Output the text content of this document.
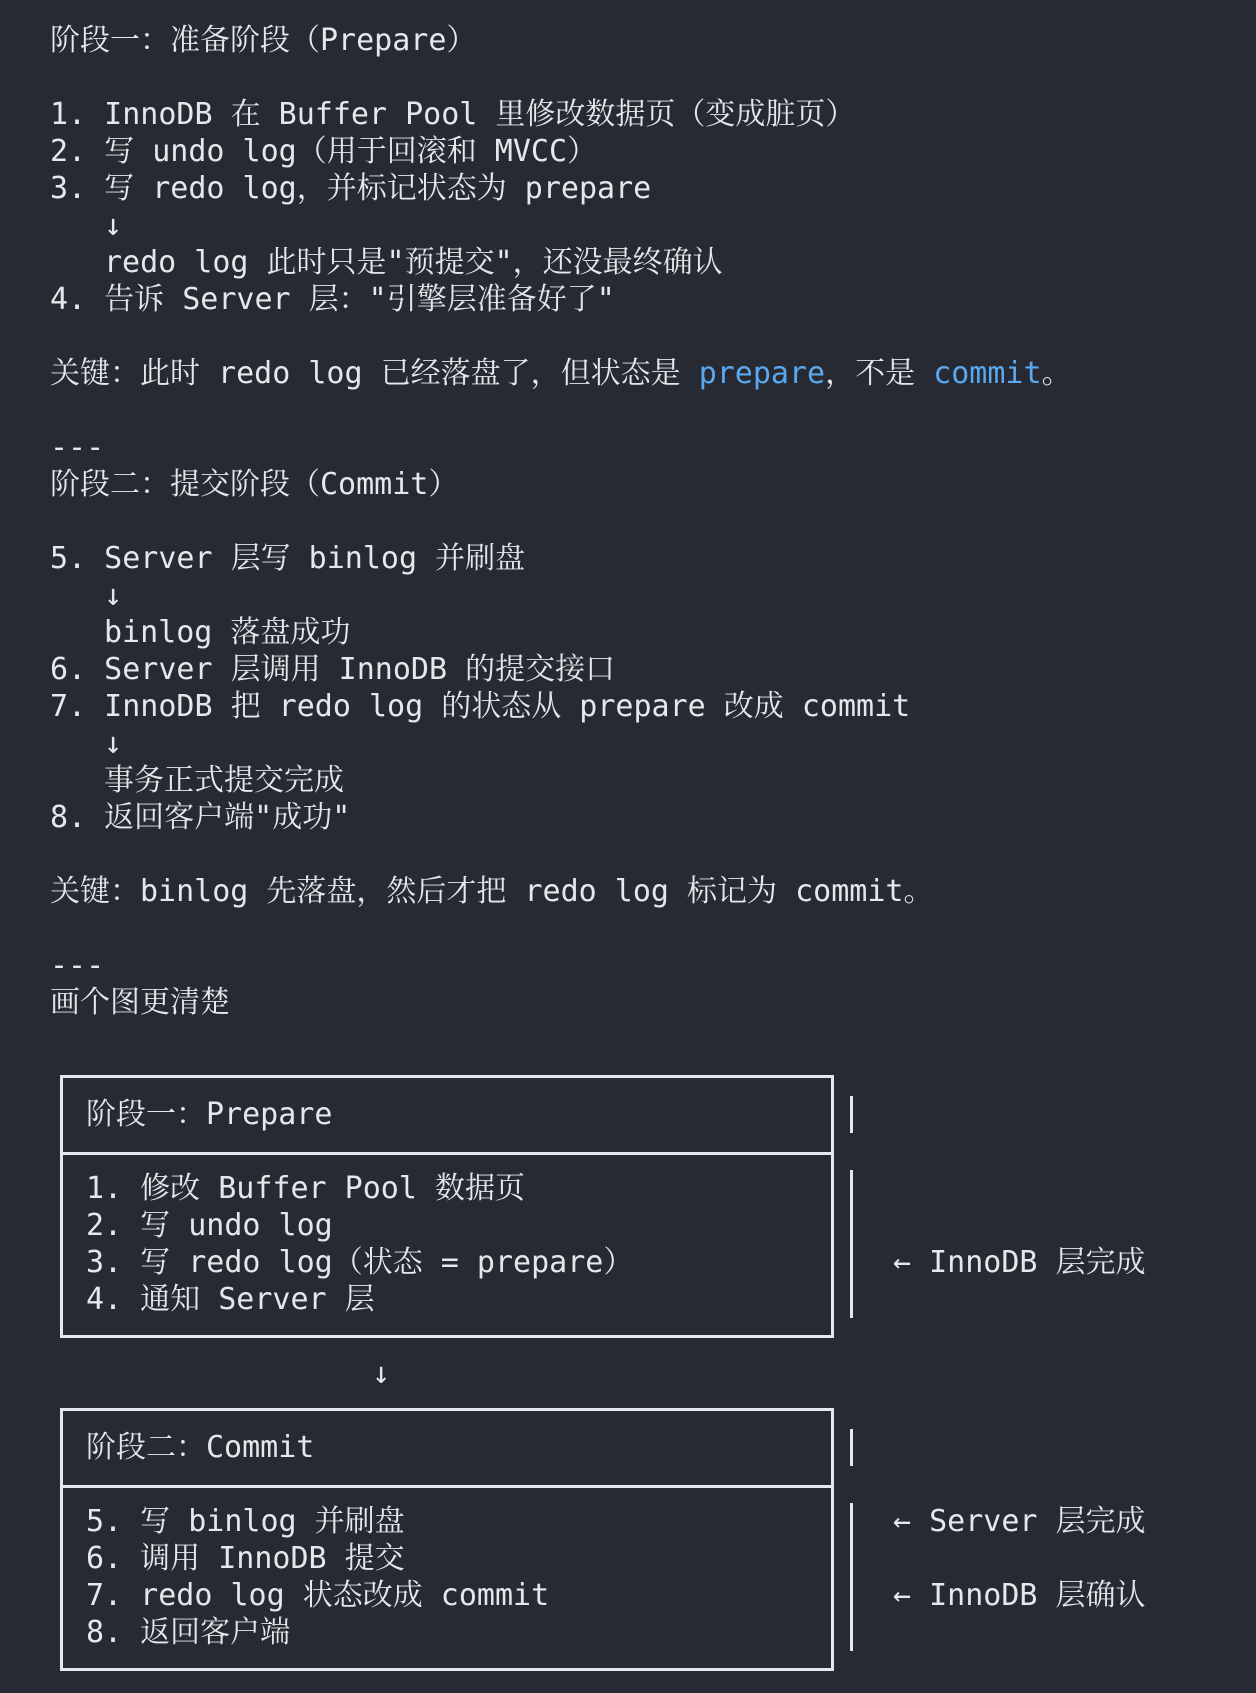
阶段一：准备阶段（Prepare）
1. InnoDB 在 Buffer Pool 里修改数据页（变成脏页）
2. 写 undo log（用于回滚和 MVCC）
3. 写 redo log，并标记状态为 prepare
↓
redo log 此时只是"预提交"，还没最终确认
4. 告诉 Server 层："引擎层准备好了"
关键：此时 redo log 已经落盘了，但状态是 prepare，不是 commit。
---
阶段二：提交阶段（Commit）
5. Server 层写 binlog 并刷盘
↓
binlog 落盘成功
6. Server 层调用 InnoDB 的提交接口
7. InnoDB 把 redo log 的状态从 prepare 改成 commit
↓
事务正式提交完成
8. 返回客户端"成功"
关键：binlog 先落盘，然后才把 redo log 标记为 commit。
---
画个图更清楚
阶段一：Prepare
1. 修改 Buffer Pool 数据页
2. 写 undo log
3. 写 redo log（状态 = prepare）
4. 通知 Server 层
← InnoDB 层完成
↓
阶段二：Commit
5. 写 binlog 并刷盘
6. 调用 InnoDB 提交
7. redo log 状态改成 commit
8. 返回客户端
← Server 层完成
← InnoDB 层确认
